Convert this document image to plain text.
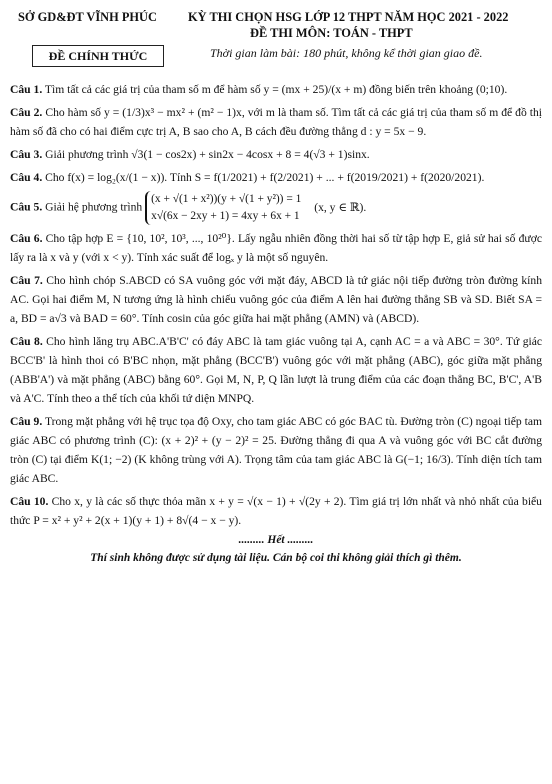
SỞ GD&ĐT VĨNH PHÚC	KỲ THI CHỌN HSG LỚP 12 THPT NĂM HỌC 2021 - 2022
ĐỀ THI MÔN: TOÁN - THPT
ĐỀ CHÍNH THỨC	Thời gian làm bài: 180 phút, không kể thời gian giao đề.

Câu 1. Tìm tất cả các giá trị của tham số m để hàm số y = (mx + 25)/(x + m) đồng biến trên khoảng (0;10).

Câu 2. Cho hàm số y = (1/3)x³ − mx² + (m² − 1)x, với m là tham số. Tìm tất cả các giá trị của tham số m để đồ thị hàm số đã cho có hai điểm cực trị A, B sao cho A, B cách đều đường thẳng d : y = 5x − 9.

Câu 3. Giải phương trình √3(1 − cos2x) + sin2x − 4cosx + 8 = 4(√3 + 1)sinx.

Câu 4. Cho f(x) = log₂(x/(1 − x)). Tính S = f(1/2021) + f(2/2021) + ... + f(2019/2021) + f(2020/2021).

Câu 5. Giải hệ phương trình
(x + √(1 + x²))(y + √(1 + y²)) = 1
x√(6x − 2xy + 1) = 4xy + 6x + 1
(x, y ∈ ℝ).

Câu 6. Cho tập hợp E = {10, 10², 10³, ..., 10²⁰}. Lấy ngẫu nhiên đồng thời hai số từ tập hợp E, giả sử hai số được lấy ra là x và y (với x < y). Tính xác suất để logₓ y là một số nguyên.

Câu 7. Cho hình chóp S.ABCD có SA vuông góc với mặt đáy, ABCD là tứ giác nội tiếp đường tròn đường kính AC. Gọi hai điểm M, N tương ứng là hình chiếu vuông góc của điểm A lên hai đường thẳng SB và SD. Biết SA = a, BD = a√3 và BAD = 60°. Tính cosin của góc giữa hai mặt phẳng (AMN) và (ABCD).

Câu 8. Cho hình lăng trụ ABC.A'B'C' có đáy ABC là tam giác vuông tại A, cạnh AC = a và ABC = 30°. Tứ giác BCC'B' là hình thoi có B'BC nhọn, mặt phẳng (BCC'B') vuông góc với mặt phẳng (ABC), góc giữa mặt phẳng (ABB'A') và mặt phẳng (ABC) bằng 60°. Gọi M, N, P, Q lần lượt là trung điểm của các đoạn thẳng BC, B'C', A'B và A'C. Tính theo a thể tích của khối tứ diện MNPQ.

Câu 9. Trong mặt phẳng với hệ trục tọa độ Oxy, cho tam giác ABC có góc BAC tù. Đường tròn (C) ngoại tiếp tam giác ABC có phương trình (C): (x + 2)² + (y − 2)² = 25. Đường thẳng đi qua A và vuông góc với BC cắt đường tròn (C) tại điểm K(1; −2) (K không trùng với A). Trọng tâm của tam giác ABC là G(−1; 16/3). Tính diện tích tam giác ABC.

Câu 10. Cho x, y là các số thực thỏa mãn x + y = √(x − 1) + √(2y + 2). Tìm giá trị lớn nhất và nhỏ nhất của biểu thức P = x² + y² + 2(x + 1)(y + 1) + 8√(4 − x − y).

......... Hết .........
Thí sinh không được sử dụng tài liệu. Cán bộ coi thi không giải thích gì thêm.
